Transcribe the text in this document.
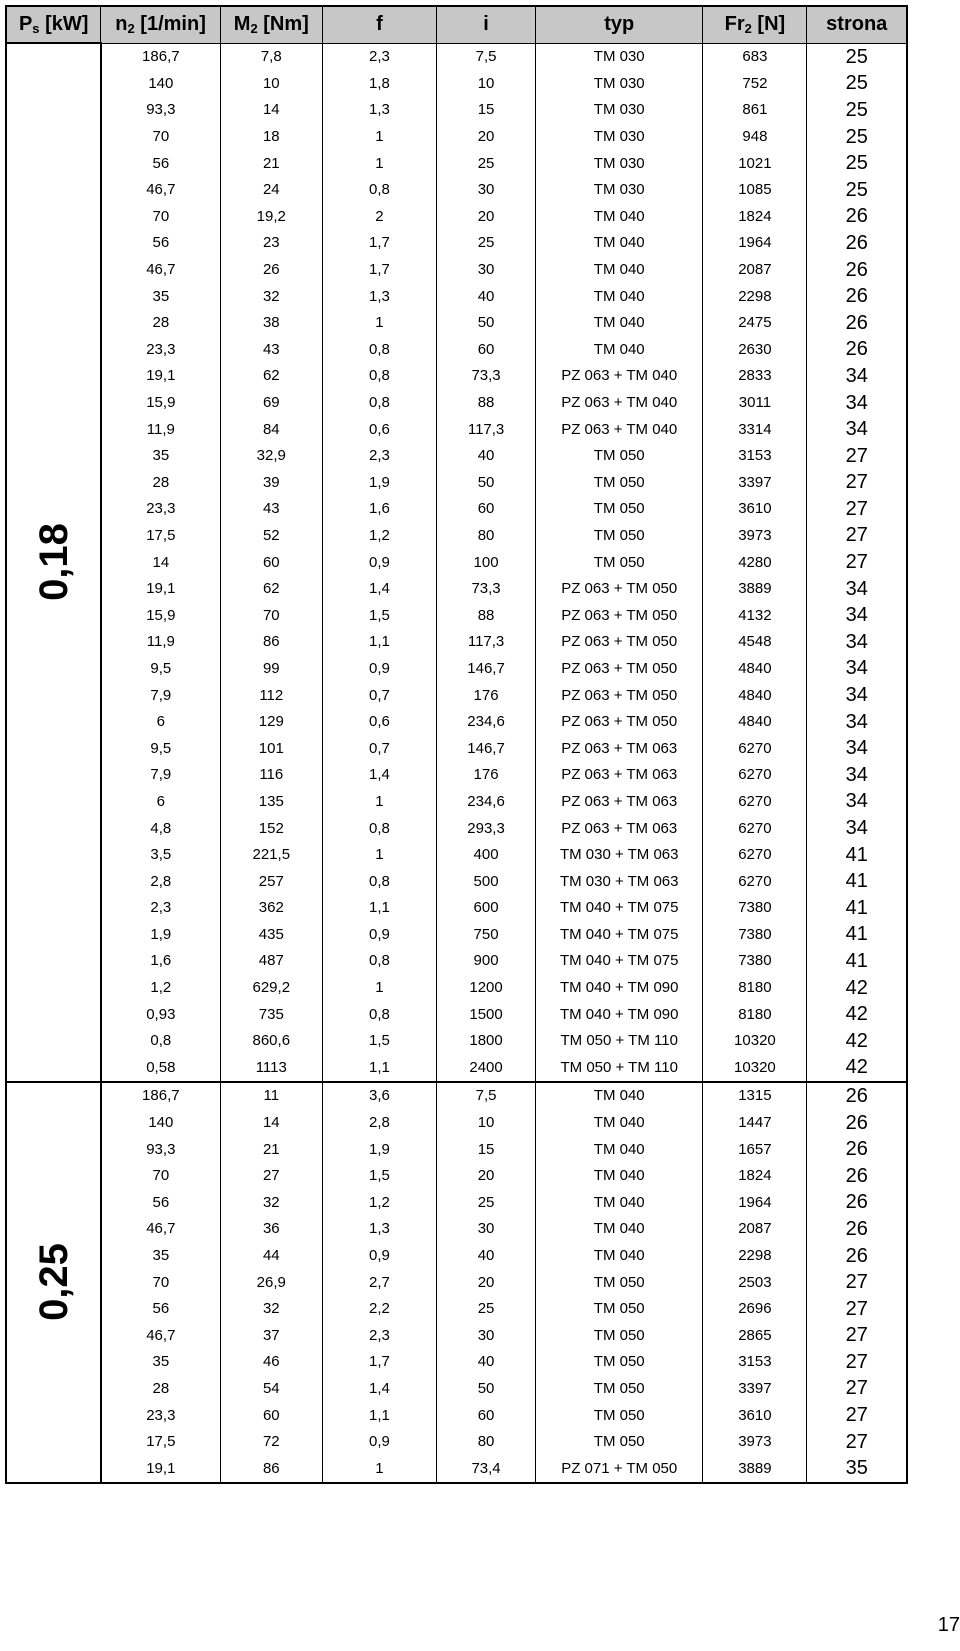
$P_s$ [kW]	$n_2$ [1/min]	$M_2$ [Nm]	f	i	typ	$Fr_2$ [N]	strona
0,18	186,7	7,8	2,3	7,5	TM 030	683	25
	140	10	1,8	10	TM 030	752	25
	93,3	14	1,3	15	TM 030	861	25
	70	18	1	20	TM 030	948	25
	56	21	1	25	TM 030	1021	25
	46,7	24	0,8	30	TM 030	1085	25
	70	19,2	2	20	TM 040	1824	26
	56	23	1,7	25	TM 040	1964	26
	46,7	26	1,7	30	TM 040	2087	26
	35	32	1,3	40	TM 040	2298	26
	28	38	1	50	TM 040	2475	26
	23,3	43	0,8	60	TM 040	2630	26
	19,1	62	0,8	73,3	PZ 063 + TM 040	2833	34
	15,9	69	0,8	88	PZ 063 + TM 040	3011	34
	11,9	84	0,6	117,3	PZ 063 + TM 040	3314	34
	35	32,9	2,3	40	TM 050	3153	27
	28	39	1,9	50	TM 050	3397	27
	23,3	43	1,6	60	TM 050	3610	27
	17,5	52	1,2	80	TM 050	3973	27
	14	60	0,9	100	TM 050	4280	27
	19,1	62	1,4	73,3	PZ 063 + TM 050	3889	34
	15,9	70	1,5	88	PZ 063 + TM 050	4132	34
	11,9	86	1,1	117,3	PZ 063 + TM 050	4548	34
	9,5	99	0,9	146,7	PZ 063 + TM 050	4840	34
	7,9	112	0,7	176	PZ 063 + TM 050	4840	34
	6	129	0,6	234,6	PZ 063 + TM 050	4840	34
	9,5	101	0,7	146,7	PZ 063 + TM 063	6270	34
	7,9	116	1,4	176	PZ 063 + TM 063	6270	34
	6	135	1	234,6	PZ 063 + TM 063	6270	34
	4,8	152	0,8	293,3	PZ 063 + TM 063	6270	34
	3,5	221,5	1	400	TM 030 + TM 063	6270	41
	2,8	257	0,8	500	TM 030 + TM 063	6270	41
	2,3	362	1,1	600	TM 040 + TM 075	7380	41
	1,9	435	0,9	750	TM 040 + TM 075	7380	41
	1,6	487	0,8	900	TM 040 + TM 075	7380	41
	1,2	629,2	1	1200	TM 040 + TM 090	8180	42
	0,93	735	0,8	1500	TM 040 + TM 090	8180	42
	0,8	860,6	1,5	1800	TM 050 + TM 110	10320	42
	0,58	1113	1,1	2400	TM 050 + TM 110	10320	42
0,25	186,7	11	3,6	7,5	TM 040	1315	26
	140	14	2,8	10	TM 040	1447	26
	93,3	21	1,9	15	TM 040	1657	26
	70	27	1,5	20	TM 040	1824	26
	56	32	1,2	25	TM 040	1964	26
	46,7	36	1,3	30	TM 040	2087	26
	35	44	0,9	40	TM 040	2298	26
	70	26,9	2,7	20	TM 050	2503	27
	56	32	2,2	25	TM 050	2696	27
	46,7	37	2,3	30	TM 050	2865	27
	35	46	1,7	40	TM 050	3153	27
	28	54	1,4	50	TM 050	3397	27
	23,3	60	1,1	60	TM 050	3610	27
	17,5	72	0,9	80	TM 050	3973	27
	19,1	86	1	73,4	PZ 071 + TM 050	3889	35
17
